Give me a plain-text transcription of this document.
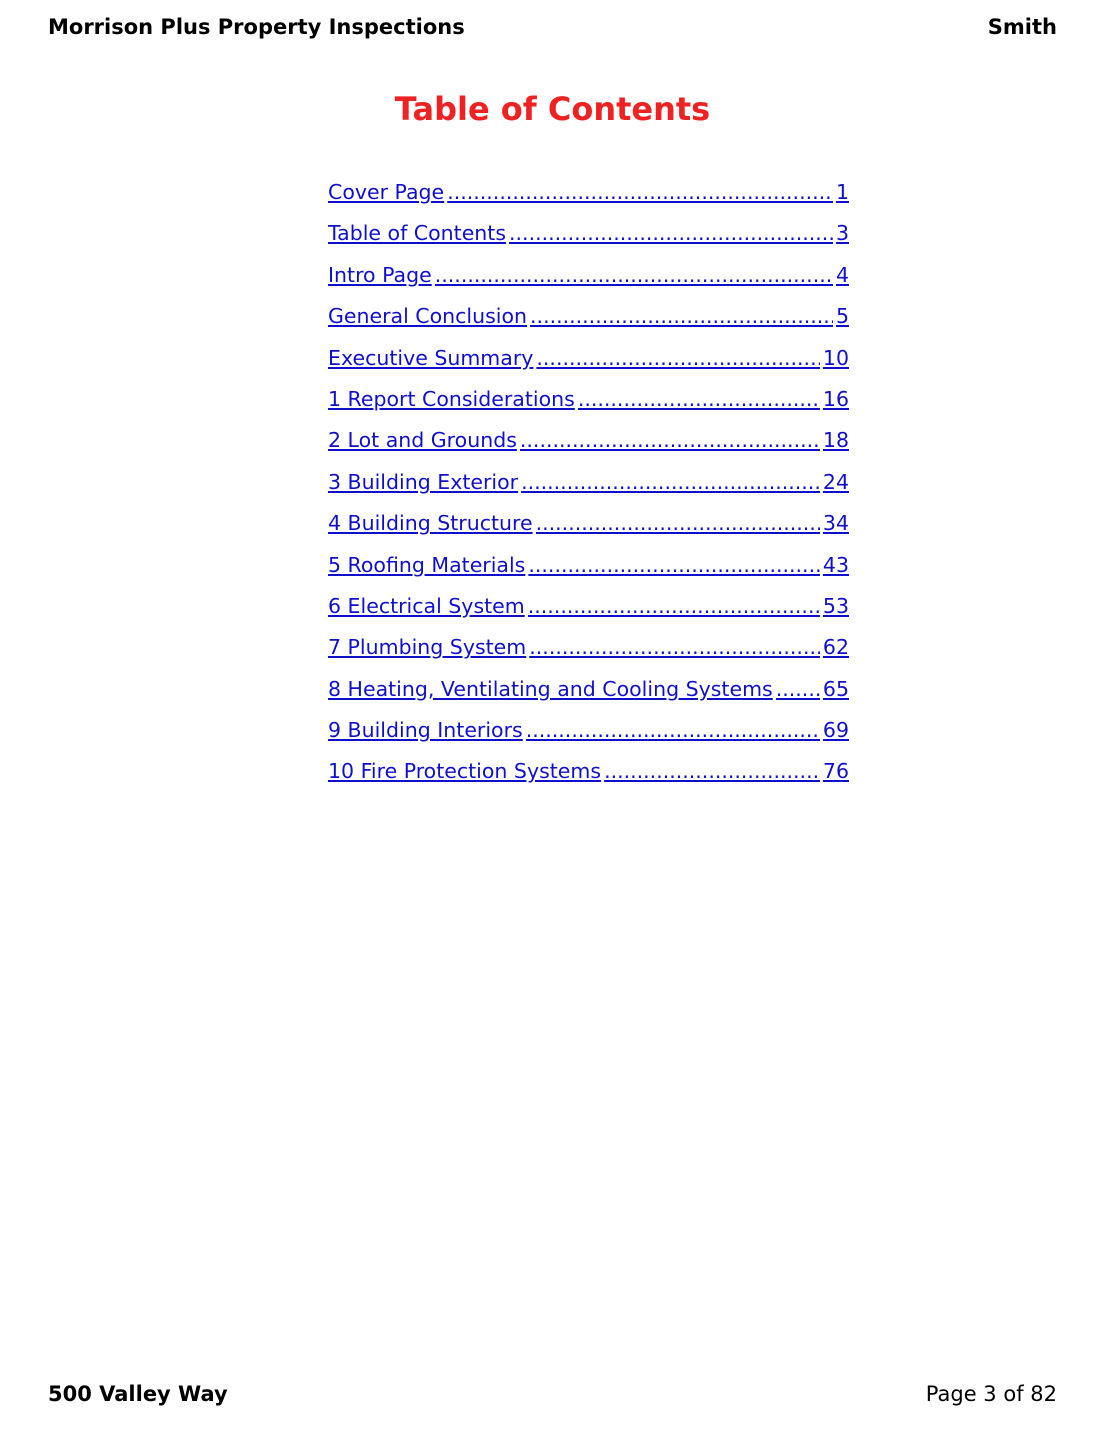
Morrison Plus Property Inspections	Smith
Table of Contents
Cover Page .....	1
Table of Contents .....	3
Intro Page .....	4
General Conclusion .....	5
Executive Summary .....	10
1 Report Considerations .....	16
2 Lot and Grounds .....	18
3 Building Exterior .....	24
4 Building Structure .....	34
5 Roofing Materials .....	43
6 Electrical System .....	53
7 Plumbing System .....	62
8 Heating, Ventilating and Cooling Systems ..... 65
9 Building Interiors .....	69
10 Fire Protection Systems .....	76
500 Valley Way	Page 3 of 82
